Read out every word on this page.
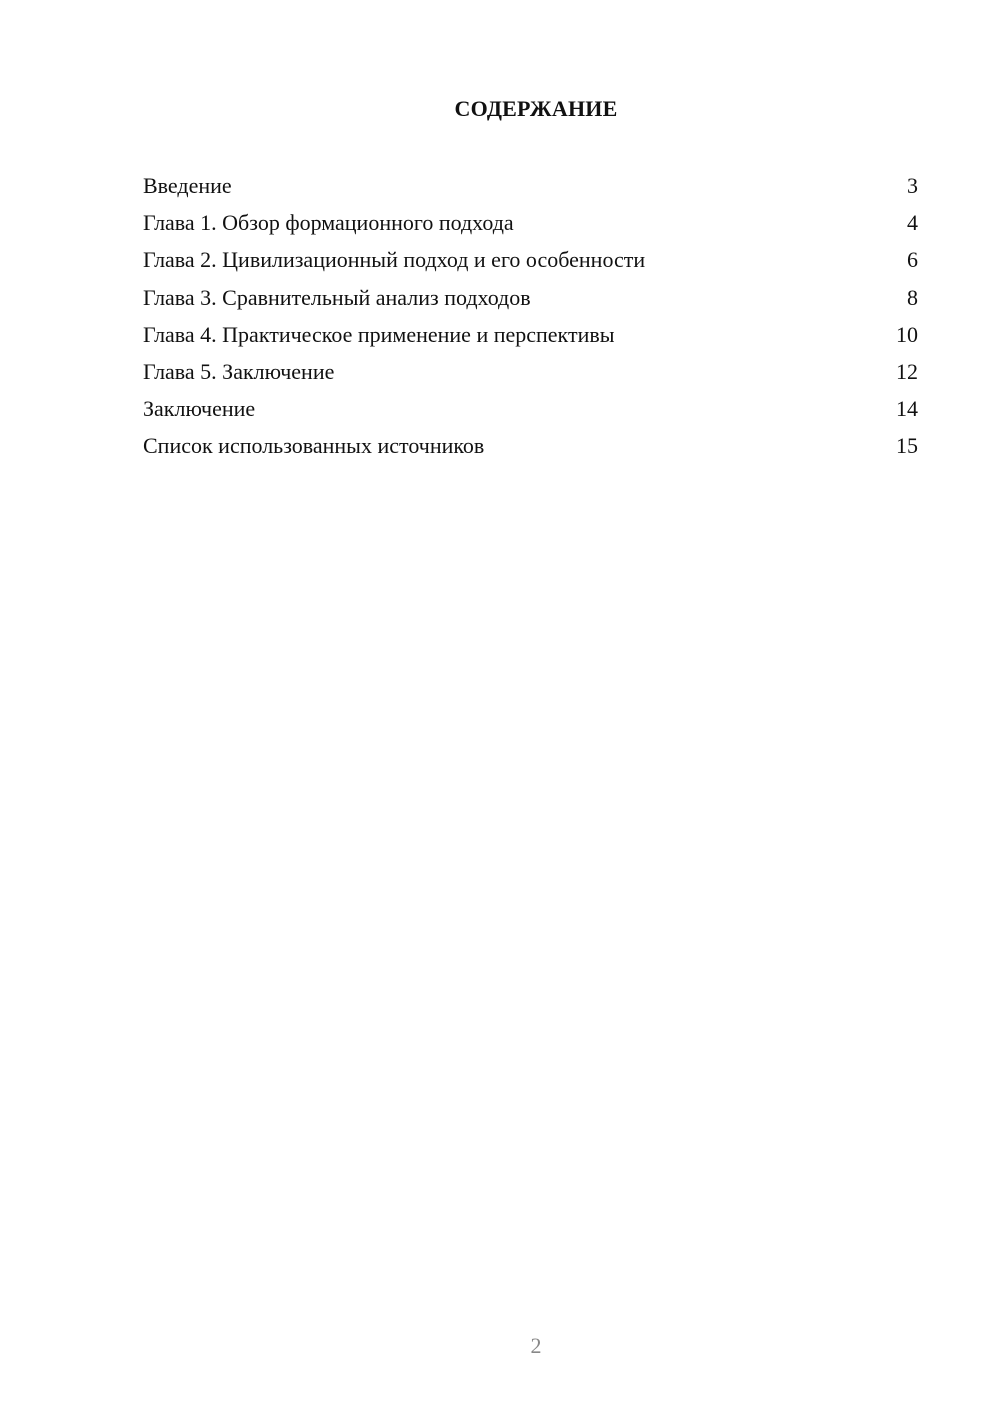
СОДЕРЖАНИЕ
Введение	3
Глава 1. Обзор формационного подхода	4
Глава 2. Цивилизационный подход и его особенности	6
Глава 3. Сравнительный анализ подходов	8
Глава 4. Практическое применение и перспективы	10
Глава 5. Заключение	12
Заключение	14
Список использованных источников	15
2
